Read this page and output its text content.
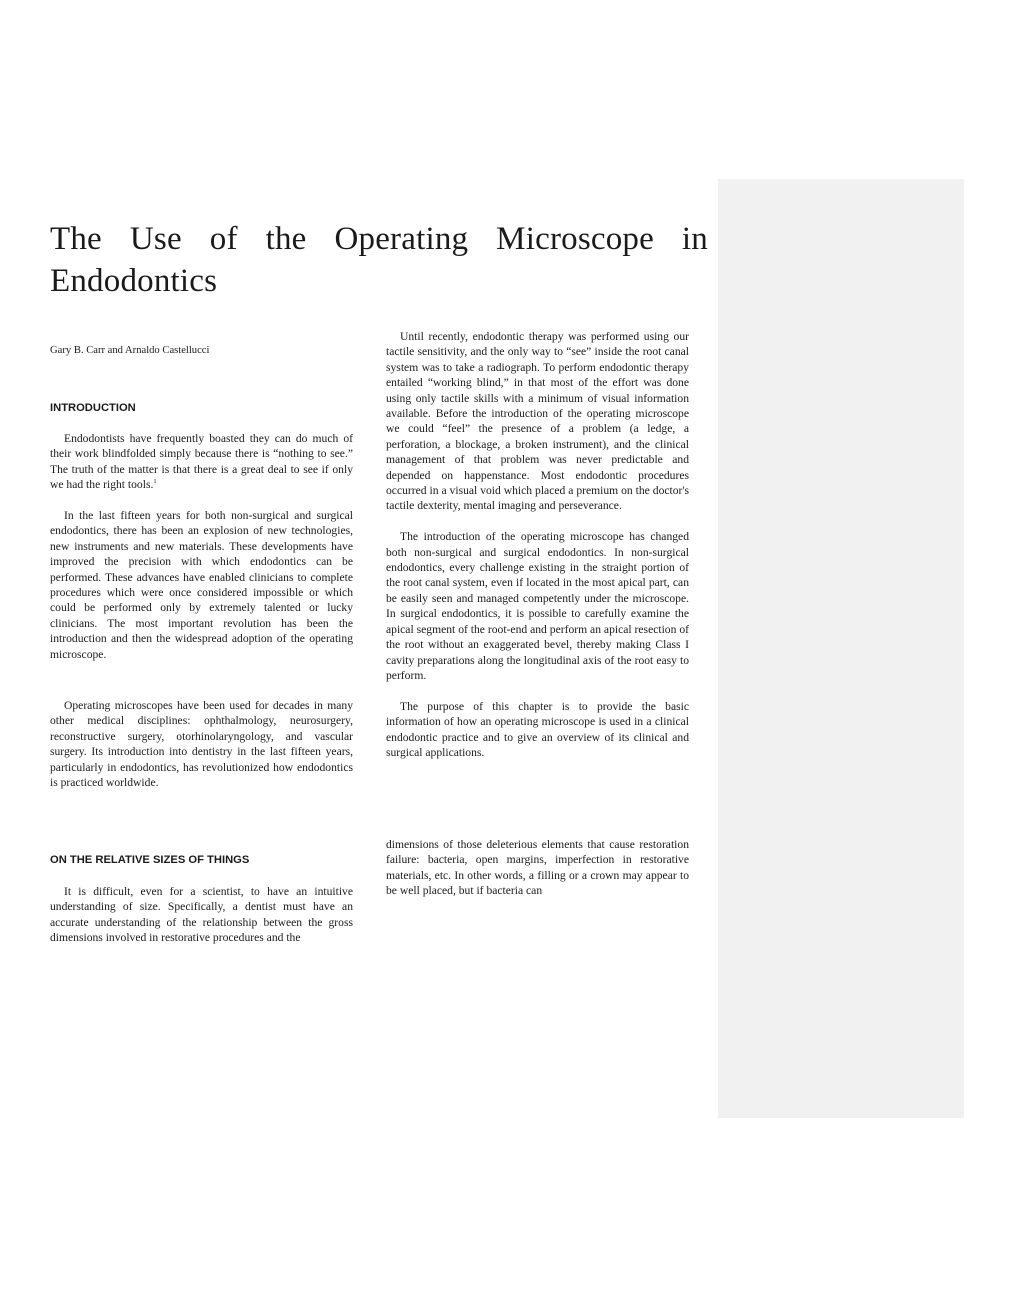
The Use of the Operating Microscope in Endodontics

Gary B. Carr and Arnaldo Castellucci

INTRODUCTION

Endodontists have frequently boasted they can do much of their work blindfolded simply because there is “nothing to see.” The truth of the matter is that there is a great deal to see if only we had the right tools.$^1$

In the last fifteen years for both non-surgical and surgical endodontics, there has been an explosion of new technologies, new instruments and new materials. These developments have improved the precision with which endodontics can be performed. These advances have enabled clinicians to complete procedures which were once considered impossible or which could be performed only by extremely talented or lucky clinicians. The most important revolution has been the introduction and then the widespread adoption of the operating microscope.

Operating microscopes have been used for decades in many other medical disciplines: ophthalmology, neurosurgery, reconstructive surgery, otorhinolaryngology, and vascular surgery. Its introduction into dentistry in the last fifteen years, particularly in endodontics, has revolutionized how endodontics is practiced worldwide.

ON THE RELATIVE SIZES OF THINGS

It is difficult, even for a scientist, to have an intuitive understanding of size. Specifically, a dentist must have an accurate understanding of the relationship between the gross dimensions involved in restorative procedures and the

Until recently, endodontic therapy was performed using our tactile sensitivity, and the only way to “see” inside the root canal system was to take a radiograph. To perform endodontic therapy entailed “working blind,” in that most of the effort was done using only tactile skills with a minimum of visual information available. Before the introduction of the operating microscope we could “feel” the presence of a problem (a ledge, a perforation, a blockage, a broken instrument), and the clinical management of that problem was never predictable and depended on happenstance. Most endodontic procedures occurred in a visual void which placed a premium on the doctor's tactile dexterity, mental imaging and perseverance.

The introduction of the operating microscope has changed both non-surgical and surgical endodontics. In non-surgical endodontics, every challenge existing in the straight portion of the root canal system, even if located in the most apical part, can be easily seen and managed competently under the microscope. In surgical endodontics, it is possible to carefully examine the apical segment of the root-end and perform an apical resection of the root without an exaggerated bevel, thereby making Class I cavity preparations along the longitudinal axis of the root easy to perform.

The purpose of this chapter is to provide the basic information of how an operating microscope is used in a clinical endodontic practice and to give an overview of its clinical and surgical applications.

dimensions of those deleterious elements that cause restoration failure: bacteria, open margins, imperfection in restorative materials, etc. In other words, a filling or a crown may appear to be well placed, but if bacteria can
